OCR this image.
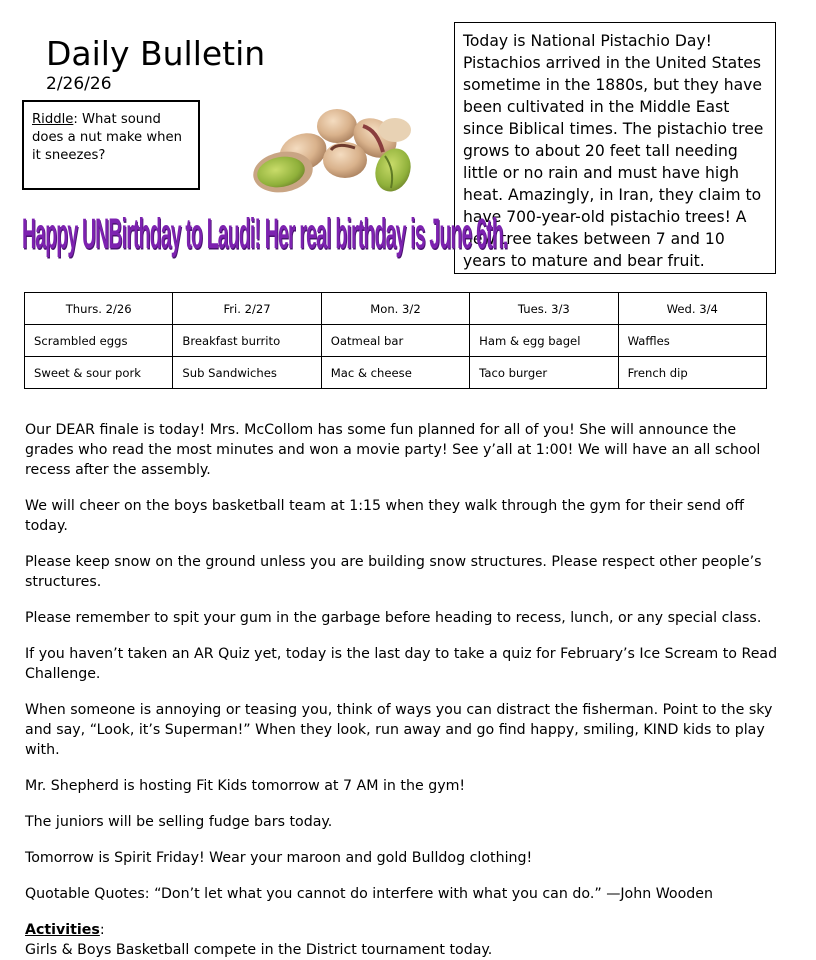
Daily Bulletin
2/26/26
Riddle: What sound does a nut make when it sneezes?
Today is National Pistachio Day! Pistachios arrived in the United States sometime in the 1880s, but they have been cultivated in the Middle East since Biblical times. The pistachio tree grows to about 20 feet tall needing little or no rain and must have high heat. Amazingly, in Iran, they claim to have 700-year-old pistachio trees! A new tree takes between 7 and 10 years to mature and bear fruit.
Happy UNBirthday to Laudi! Her real birthday is June 6th.
Thurs. 2/26	Fri. 2/27	Mon. 3/2	Tues. 3/3	Wed. 3/4
Scrambled eggs	Breakfast burrito	Oatmeal bar	Ham & egg bagel	Waffles
Sweet & sour pork	Sub Sandwiches	Mac & cheese	Taco burger	French dip

Our DEAR finale is today! Mrs. McCollom has some fun planned for all of you! She will announce the grades who read the most minutes and won a movie party! See y’all at 1:00! We will have an all school recess after the assembly.

We will cheer on the boys basketball team at 1:15 when they walk through the gym for their send off today.

Please keep snow on the ground unless you are building snow structures. Please respect other people’s structures.

Please remember to spit your gum in the garbage before heading to recess, lunch, or any special class.

If you haven’t taken an AR Quiz yet, today is the last day to take a quiz for February’s Ice Scream to Read Challenge.

When someone is annoying or teasing you, think of ways you can distract the fisherman. Point to the sky and say, “Look, it’s Superman!” When they look, run away and go find happy, smiling, KIND kids to play with.

Mr. Shepherd is hosting Fit Kids tomorrow at 7 AM in the gym!

The juniors will be selling fudge bars today.

Tomorrow is Spirit Friday! Wear your maroon and gold Bulldog clothing!

Quotable Quotes: “Don’t let what you cannot do interfere with what you can do.” —John Wooden

Activities:

Girls & Boys Basketball compete in the District tournament today.
